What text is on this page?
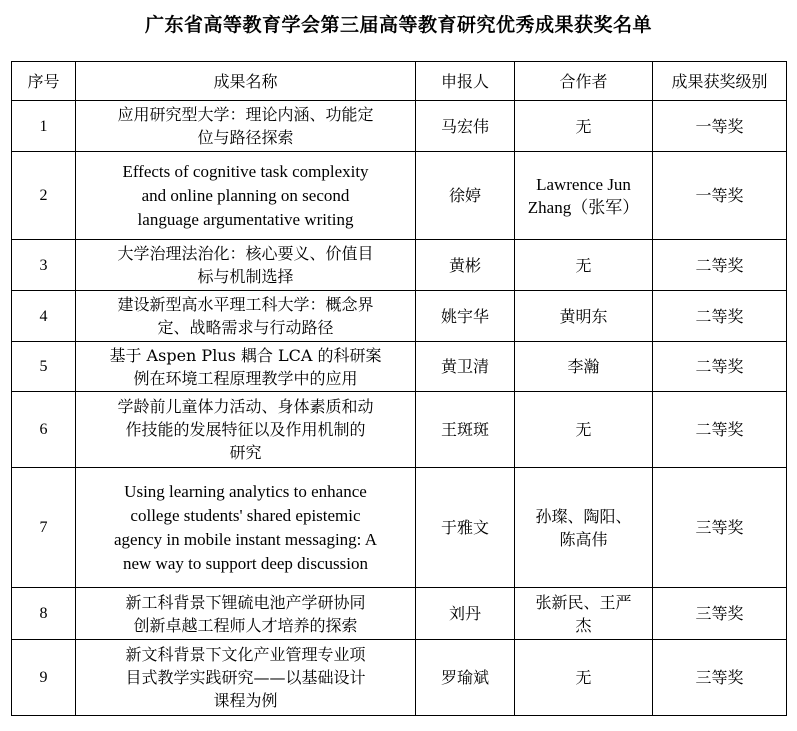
广东省高等教育学会第三届高等教育研究优秀成果获奖名单
序号	成果名称	申报人	合作者	成果获奖级别
1	应用研究型大学：理论内涵、功能定
位与路径探索	马宏伟	无	一等奖
2	Effects of cognitive task complexity
and online planning on second
language argumentative writing	徐婷	Lawrence Jun
Zhang（张军）	一等奖
3	大学治理法治化：核心要义、价值目
标与机制选择	黄彬	无	二等奖
4	建设新型高水平理工科大学：概念界
定、战略需求与行动路径	姚宇华	黄明东	二等奖
5	基于 Aspen Plus 耦合 LCA 的科研案
例在环境工程原理教学中的应用	黄卫清	李瀚	二等奖
6	学龄前儿童体力活动、身体素质和动
作技能的发展特征以及作用机制的
研究	王斑斑	无	二等奖
7	Using learning analytics to enhance
college students' shared epistemic
agency in mobile instant messaging: A
new way to support deep discussion	于雅文	孙璨、陶阳、
陈高伟	三等奖
8	新工科背景下锂硫电池产学研协同
创新卓越工程师人才培养的探索	刘丹	张新民、王严
杰	三等奖
9	新文科背景下文化产业管理专业项
目式教学实践研究——以基础设计
课程为例	罗瑜斌	无	三等奖
